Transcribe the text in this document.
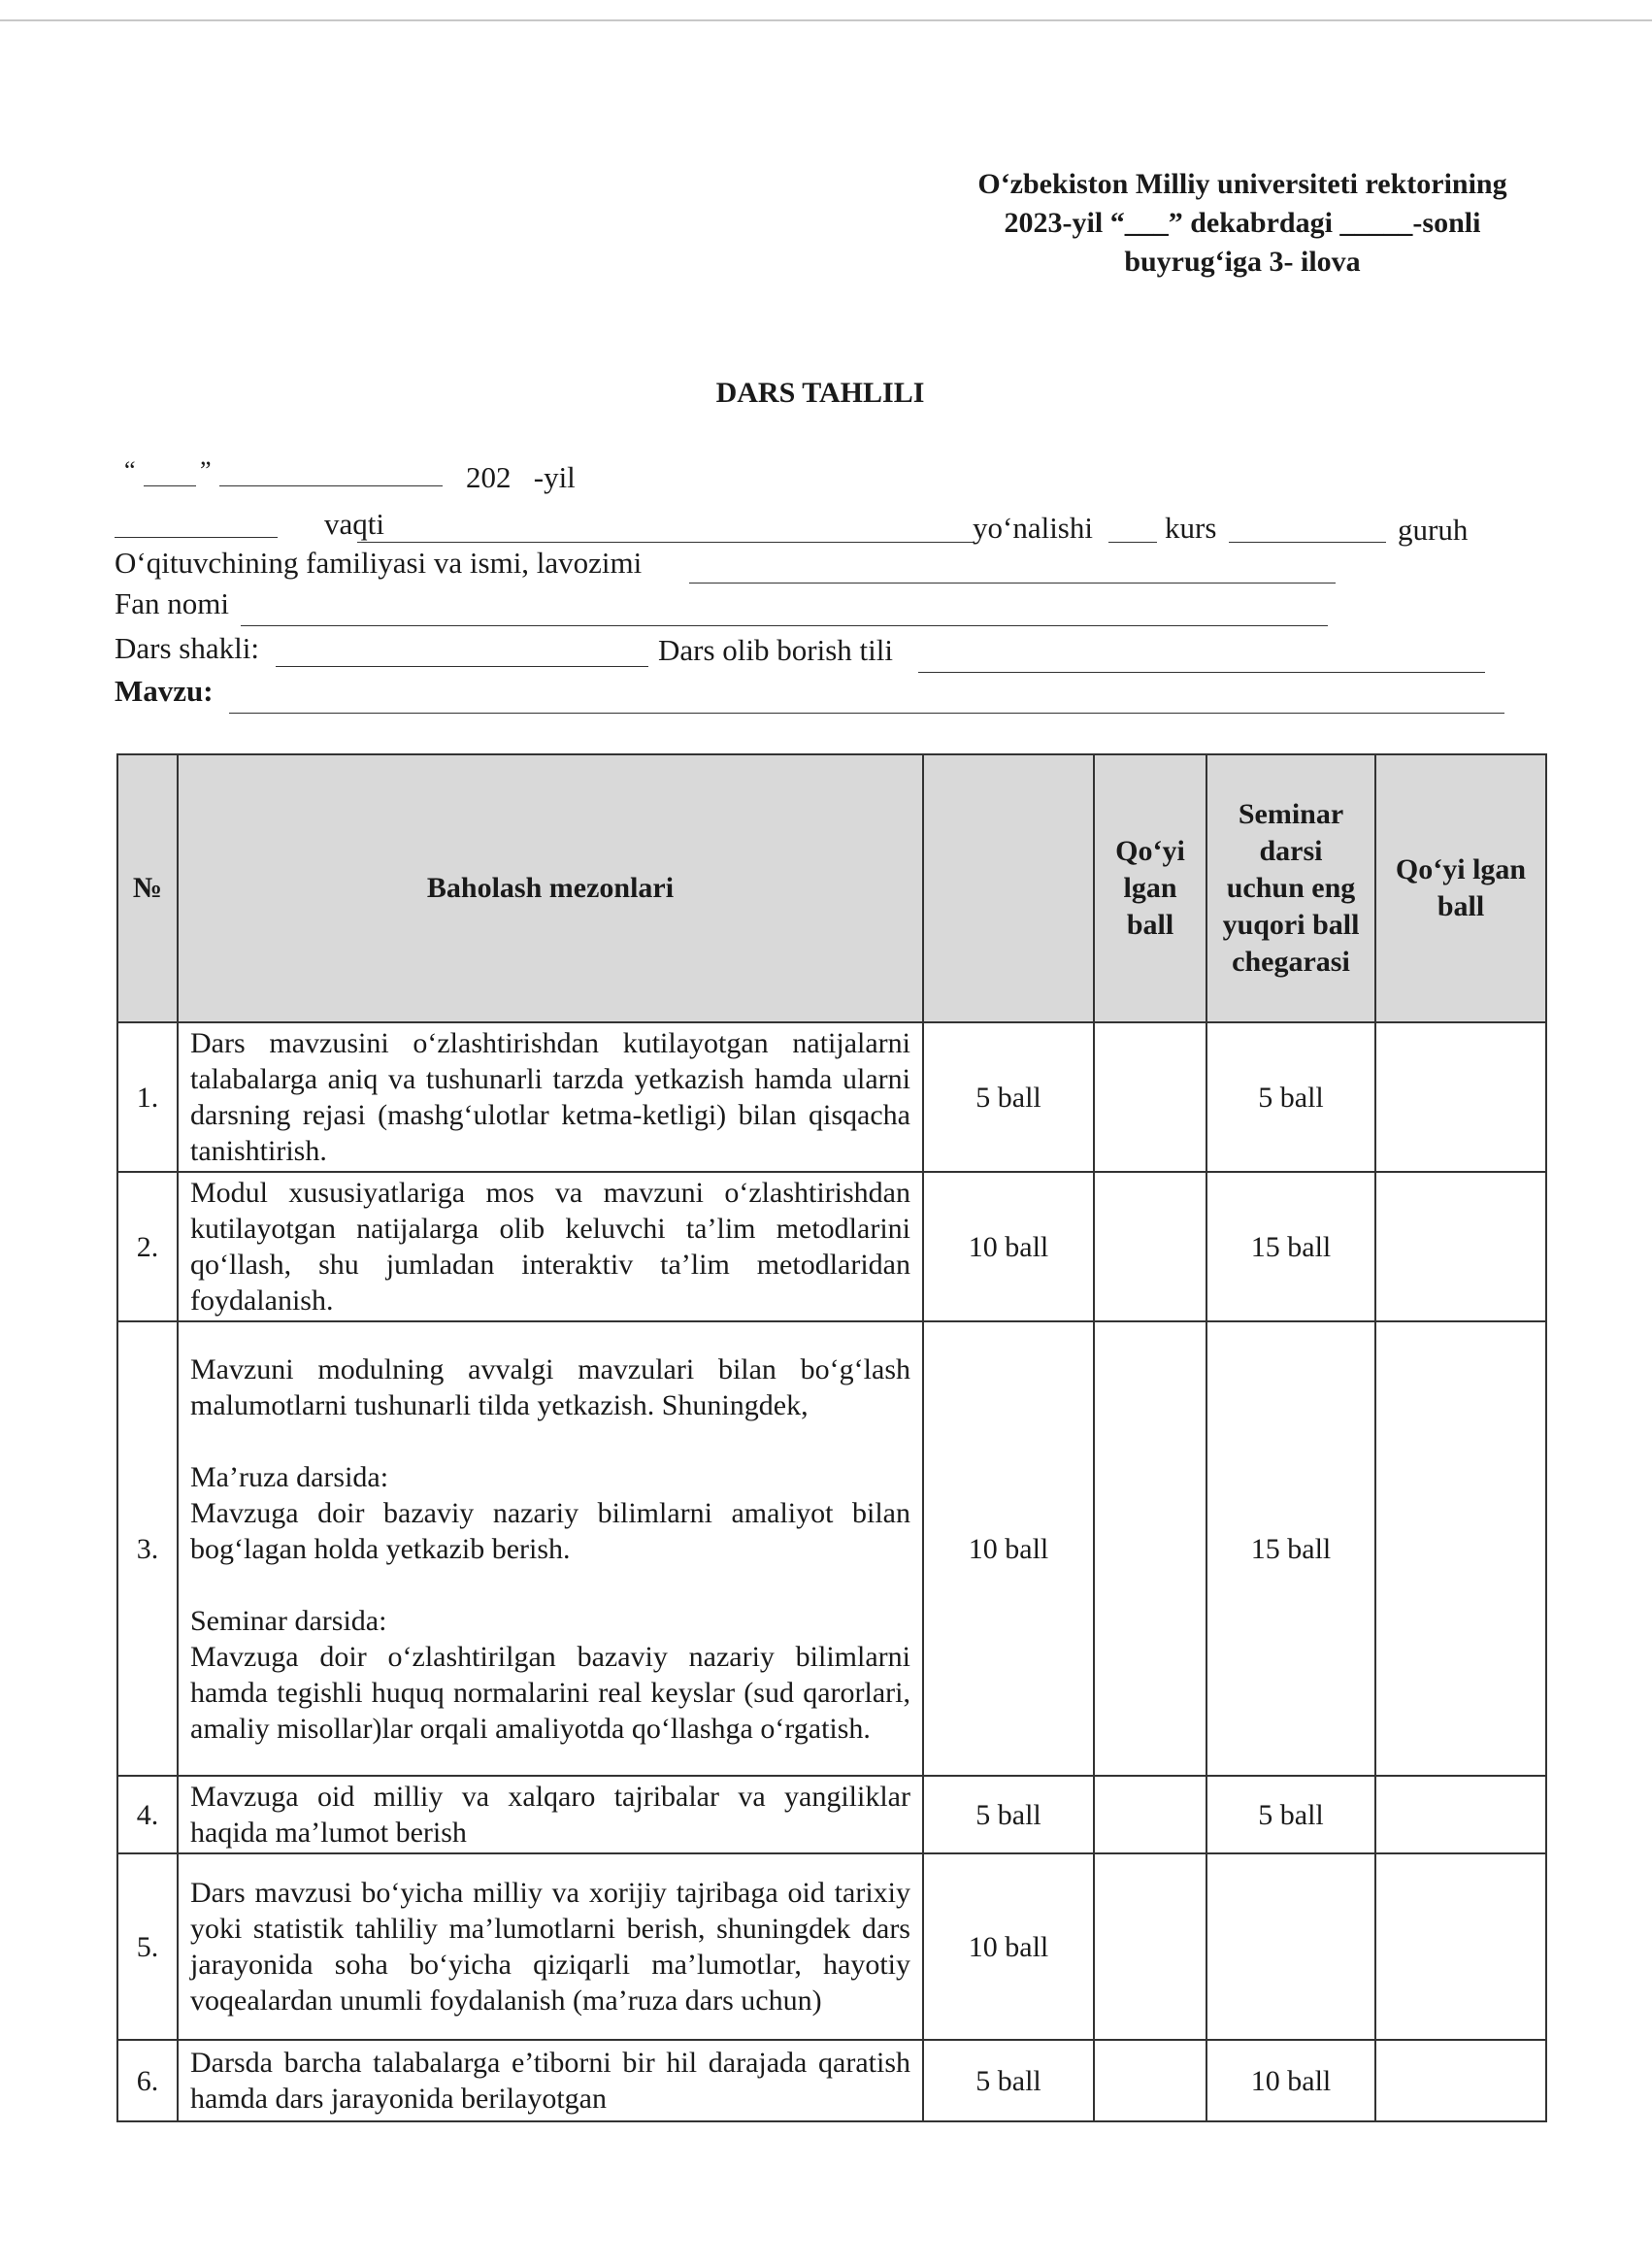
O‘zbekiston Milliy universiteti rektorining
2023-yil “___” dekabrdagi _____-sonli
buyrug‘iga 3- ilova
DARS TAHLILI
“	”	202   -yil
vaqti	yo‘nalishi kurs	guruh
O‘qituvchining familiyasi va ismi, lavozimi
Fan nomi
Dars shakli:	Dars olib borish tili
Mavzu:
№	Baholash mezonlari		Qo‘yi lgan ball	Seminar darsi uchun eng yuqori ball chegarasi	Qo‘yi lgan ball
1.	Dars mavzusini o‘zlashtirishdan kutilayotgan natijalarni talabalarga aniq va tushunarli tarzda yetkazish hamda ularni darsning rejasi (mashg‘ulotlar ketma-ketligi) bilan qisqacha tanishtirish.	5 ball		5 ball	
2.	Modul xususiyatlariga mos va mavzuni o‘zlashtirishdan kutilayotgan natijalarga olib keluvchi ta’lim metodlarini qo‘llash, shu jumladan interaktiv ta’lim metodlaridan foydalanish.	10 ball		15 ball	
3.	Mavzuni modulning avvalgi mavzulari bilan bo‘g‘lash malumotlarni tushunarli tilda yetkazish. Shuningdek,
Ma’ruza darsida:
Mavzuga doir bazaviy nazariy bilimlarni amaliyot bilan bog‘lagan holda yetkazib berish.
Seminar darsida:
Mavzuga doir o‘zlashtirilgan bazaviy nazariy bilimlarni hamda tegishli huquq normalarini real keyslar (sud qarorlari, amaliy misollar)lar orqali amaliyotda qo‘llashga o‘rgatish.	10 ball		15 ball	
4.	Mavzuga oid milliy va xalqaro tajribalar va yangiliklar haqida ma’lumot berish	5 ball		5 ball	
5.	Dars mavzusi bo‘yicha milliy va xorijiy tajribaga oid tarixiy yoki statistik tahliliy ma’lumotlarni berish, shuningdek dars jarayonida soha bo‘yicha qiziqarli ma’lumotlar, hayotiy voqealardan unumli foydalanish (ma’ruza dars uchun)	10 ball			
6.	Darsda barcha talabalarga e’tiborni bir hil darajada qaratish hamda dars jarayonida berilayotgan	5 ball		10 ball	
